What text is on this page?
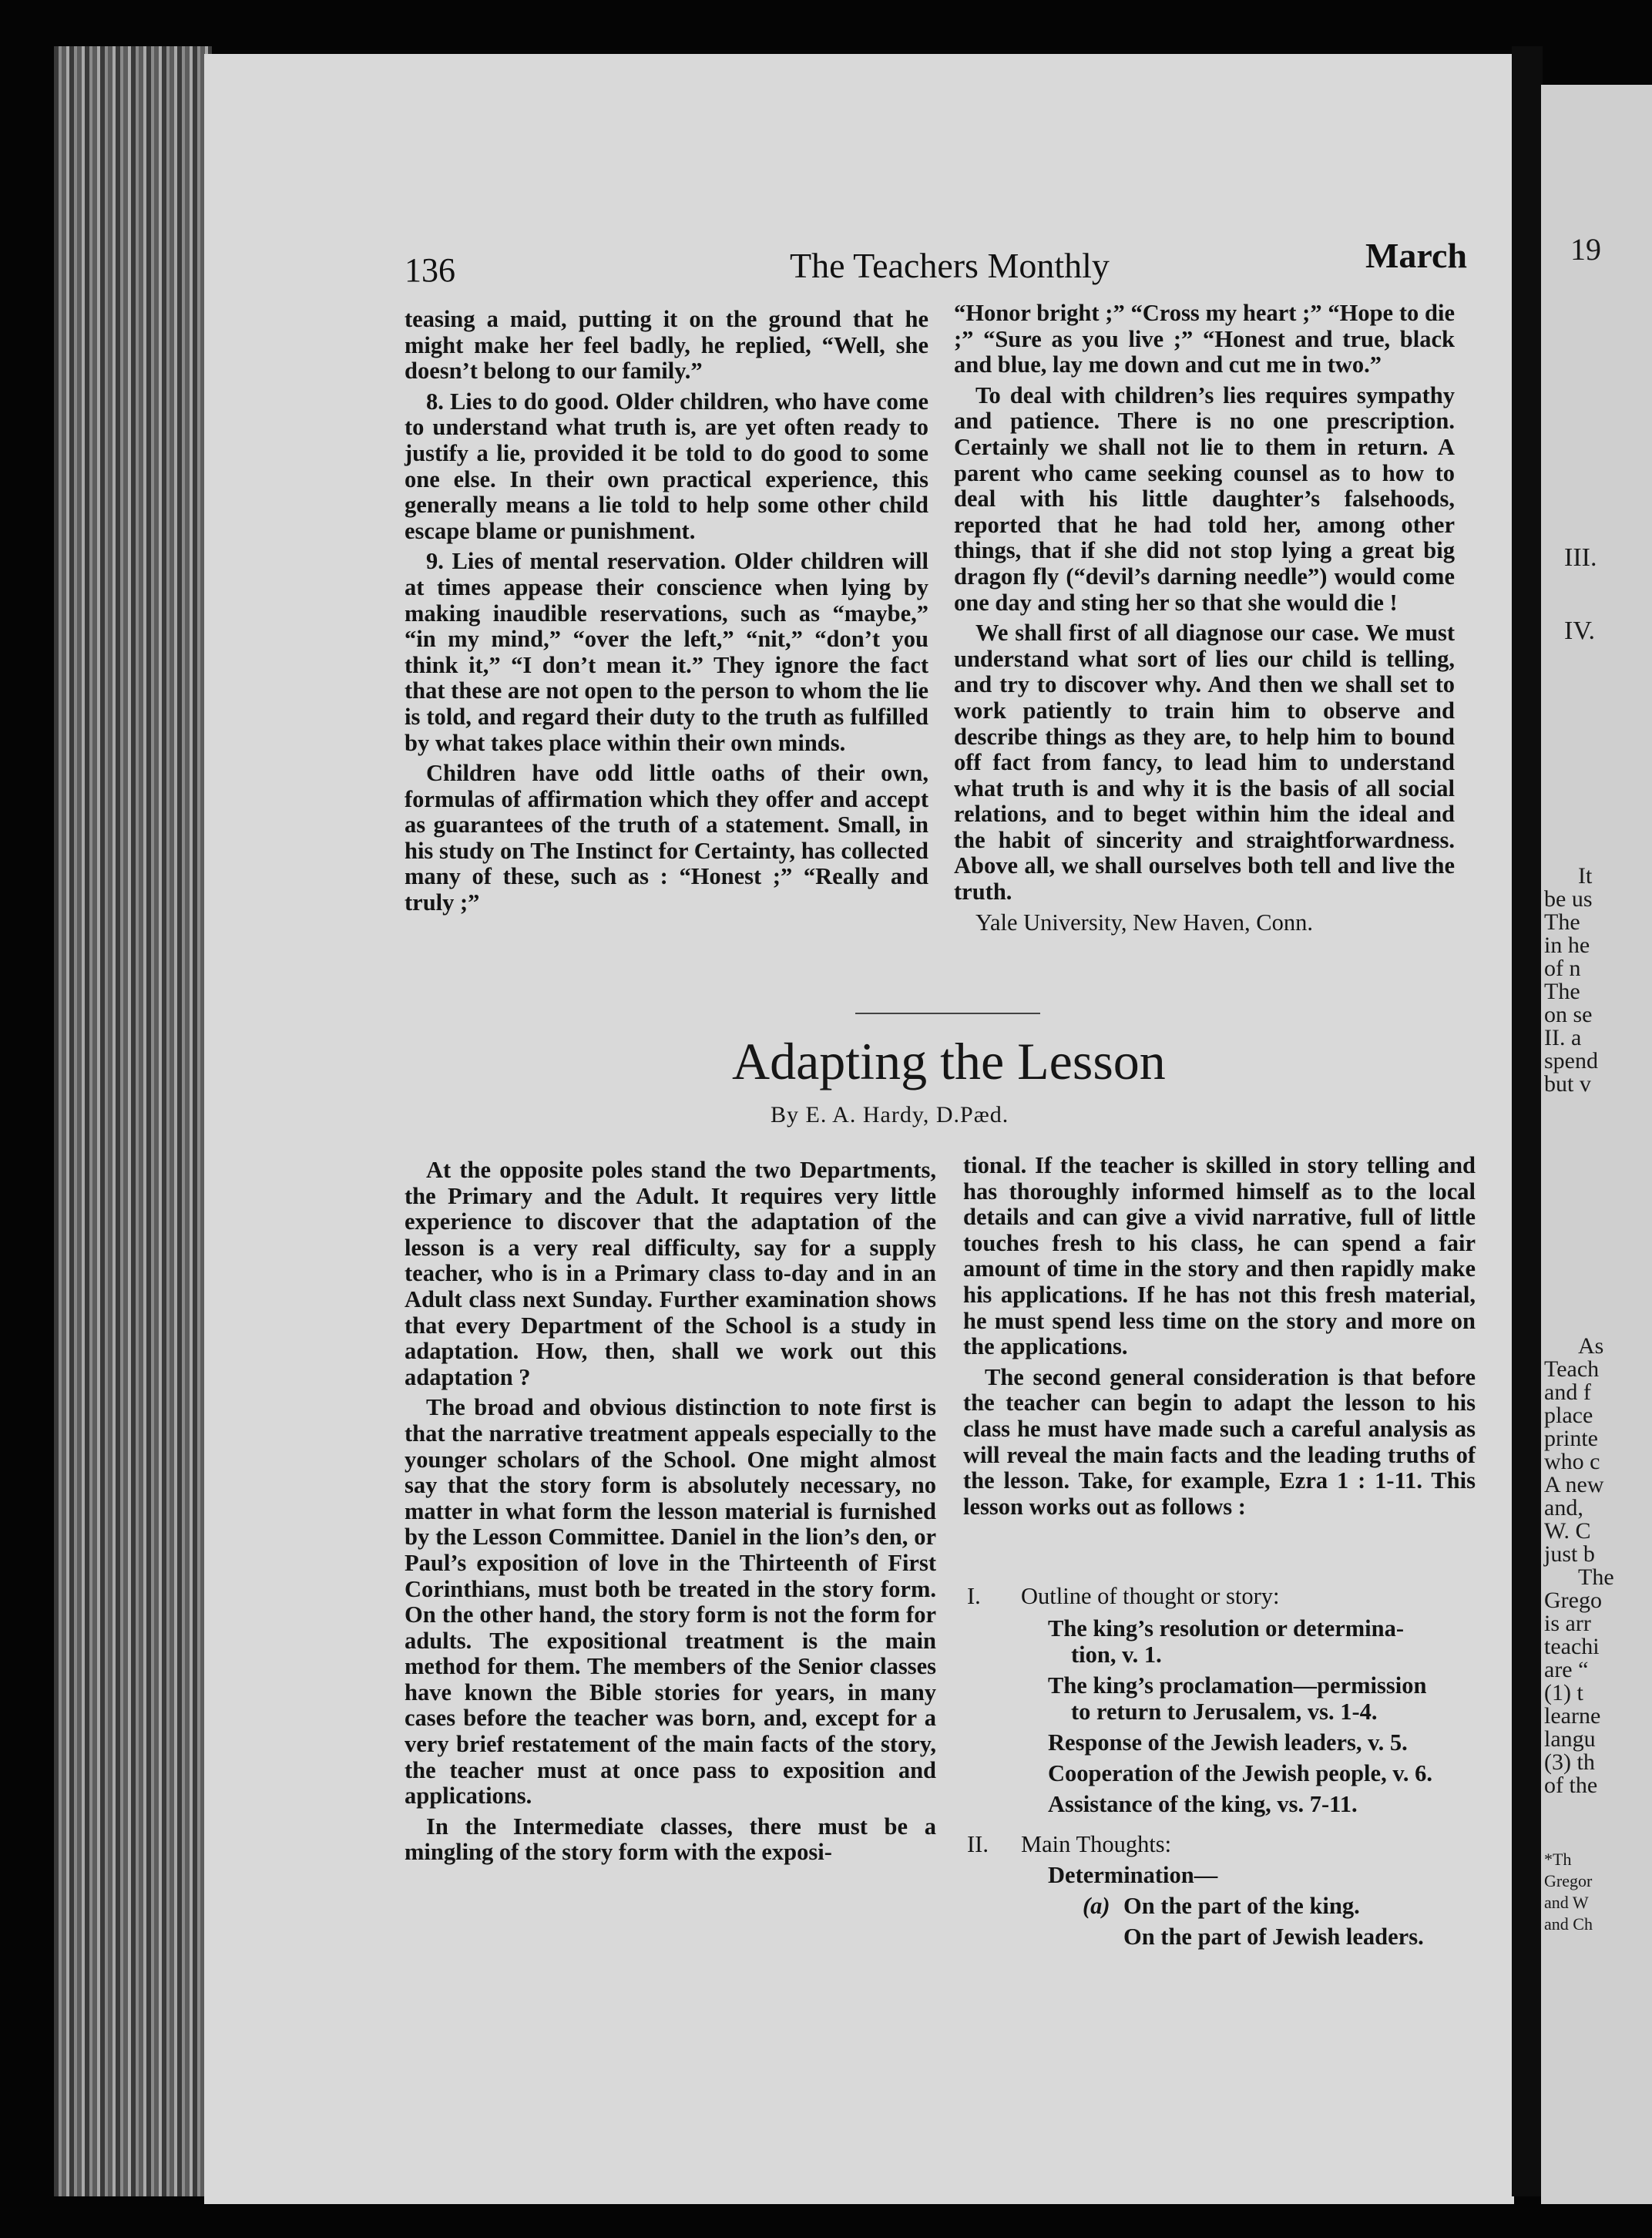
19
III.
IV.
It
be us
The
in he
of n
The
on se
II. a
spend
but v
As
Teach
and f
place
printe
who c
A new
and,
W. C
just b
The
Grego
is arr
teachi
are “
(1) t
learne
langu
(3) th
of the
*Th
Gregor
and W
and Ch
136	The Teachers Monthly	March

teasing a maid, putting it on the ground that he might make her feel badly, he replied, “Well, she doesn’t belong to our family.”

8. Lies to do good. Older children, who have come to understand what truth is, are yet often ready to justify a lie, provided it be told to do good to some one else. In their own practical experience, this generally means a lie told to help some other child escape blame or punishment.

9. Lies of mental reservation. Older children will at times appease their conscience when lying by making inaudible reservations, such as “maybe,” “in my mind,” “over the left,” “nit,” “don’t you think it,” “I don’t mean it.” They ignore the fact that these are not open to the person to whom the lie is told, and regard their duty to the truth as fulfilled by what takes place within their own minds.

Children have odd little oaths of their own, formulas of affirmation which they offer and accept as guarantees of the truth of a statement. Small, in his study on The Instinct for Certainty, has collected many of these, such as : “Honest ;” “Really and truly ;”

“Honor bright ;” “Cross my heart ;” “Hope to die ;” “Sure as you live ;” “Honest and true, black and blue, lay me down and cut me in two.”

To deal with children’s lies requires sympathy and patience. There is no one prescription. Certainly we shall not lie to them in return. A parent who came seeking counsel as to how to deal with his little daughter’s falsehoods, reported that he had told her, among other things, that if she did not stop lying a great big dragon fly (“devil’s darning needle”) would come one day and sting her so that she would die !

We shall first of all diagnose our case. We must understand what sort of lies our child is telling, and try to discover why. And then we shall set to work patiently to train him to observe and describe things as they are, to help him to bound off fact from fancy, to lead him to understand what truth is and why it is the basis of all social relations, and to beget within him the ideal and the habit of sincerity and straightforwardness. Above all, we shall ourselves both tell and live the truth.

Yale University, New Haven, Conn.

Adapting the Lesson
By E. A. Hardy, D.Pæd.

At the opposite poles stand the two Departments, the Primary and the Adult. It requires very little experience to discover that the adaptation of the lesson is a very real difficulty, say for a supply teacher, who is in a Primary class to-day and in an Adult class next Sunday. Further examination shows that every Department of the School is a study in adaptation. How, then, shall we work out this adaptation ?

The broad and obvious distinction to note first is that the narrative treatment appeals especially to the younger scholars of the School. One might almost say that the story form is absolutely necessary, no matter in what form the lesson material is furnished by the Lesson Committee. Daniel in the lion’s den, or Paul’s exposition of love in the Thirteenth of First Corinthians, must both be treated in the story form. On the other hand, the story form is not the form for adults. The expositional treatment is the main method for them. The members of the Senior classes have known the Bible stories for years, in many cases before the teacher was born, and, except for a very brief restatement of the main facts of the story, the teacher must at once pass to exposition and applications.

In the Intermediate classes, there must be a mingling of the story form with the exposi-

tional. If the teacher is skilled in story telling and has thoroughly informed himself as to the local details and can give a vivid narrative, full of little touches fresh to his class, he can spend a fair amount of time in the story and then rapidly make his applications. If he has not this fresh material, he must spend less time on the story and more on the applications.

The second general consideration is that before the teacher can begin to adapt the lesson to his class he must have made such a careful analysis as will reveal the main facts and the leading truths of the lesson. Take, for example, Ezra 1 : 1-11. This lesson works out as follows :

I. Outline of thought or story:
The king’s resolution or determina-
tion, v. 1.
The king’s proclamation—permission
to return to Jerusalem, vs. 1-4.
Response of the Jewish leaders, v. 5.
Cooperation of the Jewish people, v. 6.
Assistance of the king, vs. 7-11.
II. Main Thoughts:
Determination—
(a) On the part of the king.
On the part of Jewish leaders.
